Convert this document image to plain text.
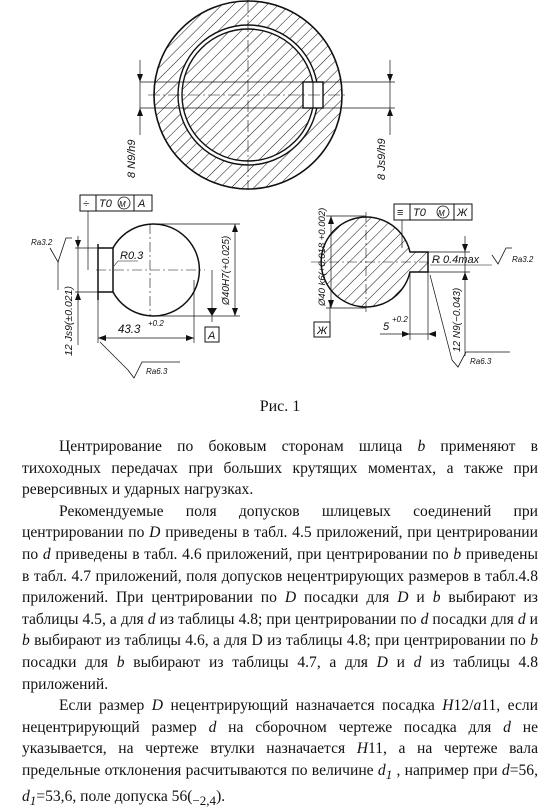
8 N9/h9	8 Js9/h9
÷ T0 M A
R0.3
Ra3.2	Ø40H7(+0.025)
A
12 Js9(±0.021)	43.3
+0.2
Ra6.3
≡ T0 M Ж
Ø40 k6(+0.018 +0.002)	R 0.4max	Ra3.2
Ж	5
+0.2	12 N9(−0.043)
Ra6.3
Рис. 1

Центрирование по боковым сторонам шлица b применяют в тихоходных передачах при больших крутящих моментах, а также при реверсивных и ударных нагрузках.

Рекомендуемые поля допусков шлицевых соединений при центрировании по D приведены в табл. 4.5 приложений, при центрировании по d приведены в табл. 4.6 приложений, при центрировании по b приведены в табл. 4.7 приложений, поля допусков нецентрирующих размеров в табл.4.8 приложений. При центрировании по D посадки для D и b выбирают из таблицы 4.5, а для d из таблицы 4.8; при центрировании по d посадки для d и b выбирают из таблицы 4.6, а для D из таблицы 4.8; при центрировании по b посадки для b выбирают из таблицы 4.7, а для D и d из таблицы 4.8 приложений.

Если размер D нецентрирующий назначается посадка H12/a11, если нецентрирующий размер d на сборочном чертеже посадка для d не указывается, на чертеже втулки назначается H11, а на чертеже вала предельные отклонения расчитываются по величине $d_1$ , например при d=56, $d_1=53,6$, поле допуска $56(_{-2,4})$.
